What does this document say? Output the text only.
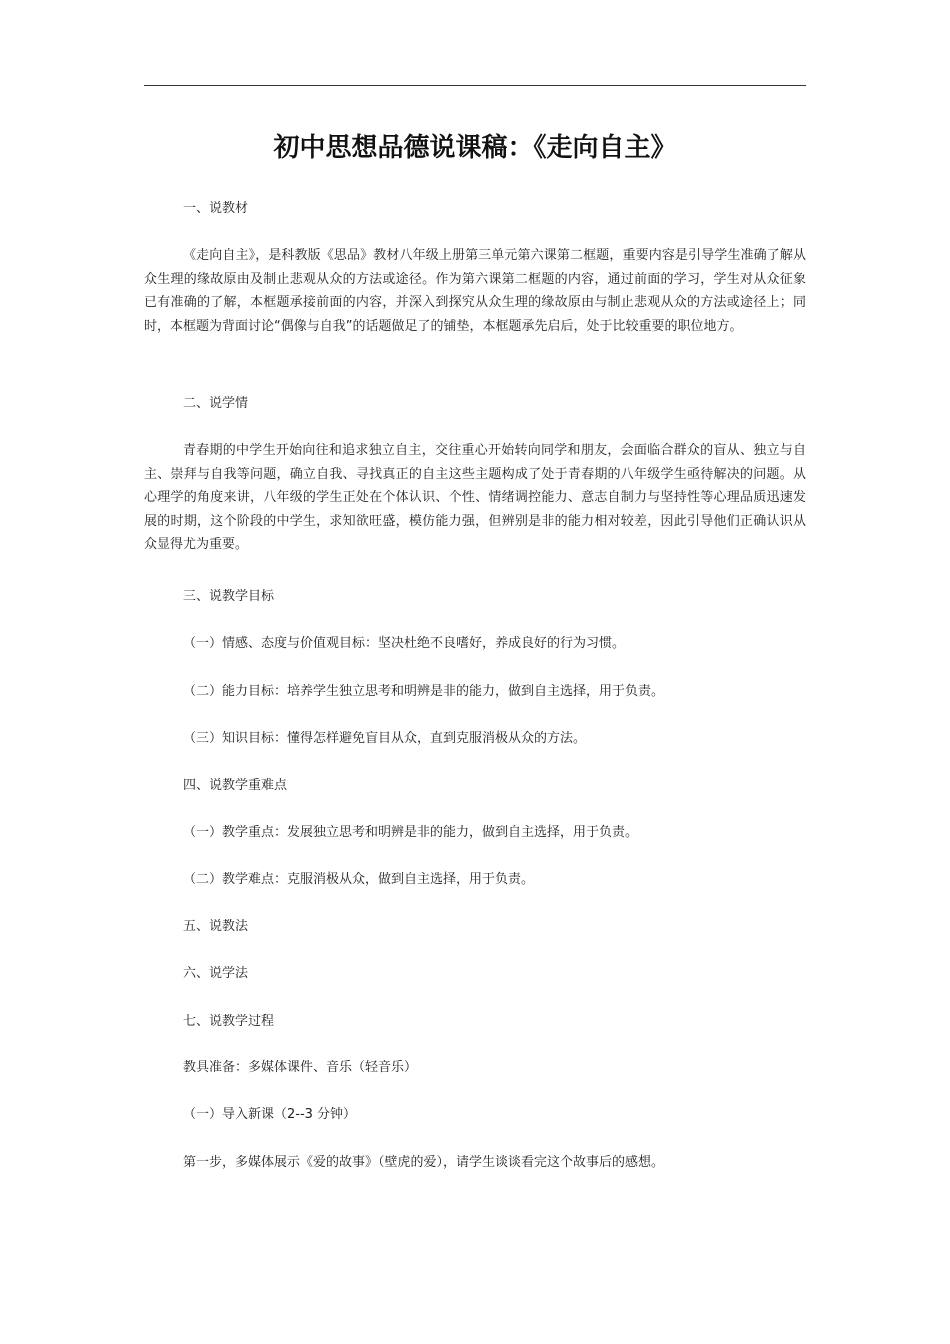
初中思想品德说课稿：《走向自主》
一、说教材
《走向自主》，是科教版《思品》教材八年级上册第三单元第六课第二框题，重要内容是引导学生准确了解从众生理的缘故原由及制止悲观从众的方法或途径。作为第六课第二框题的内容，通过前面的学习，学生对从众征象已有准确的了解，本框题承接前面的内容，并深入到探究从众生理的缘故原由与制止悲观从众的方法或途径上；同时，本框题为背面讨论“偶像与自我”的话题做足了的铺垫，本框题承先启后，处于比较重要的职位地方。
二、说学情
青春期的中学生开始向往和追求独立自主，交往重心开始转向同学和朋友，会面临合群众的盲从、独立与自主、崇拜与自我等问题，确立自我、寻找真正的自主这些主题构成了处于青春期的八年级学生亟待解决的问题。从心理学的角度来讲，八年级的学生正处在个体认识、个性、情绪调控能力、意志自制力与坚持性等心理品质迅速发展的时期，这个阶段的中学生，求知欲旺盛，模仿能力强，但辨别是非的能力相对较差，因此引导他们正确认识从众显得尤为重要。
三、说教学目标
（一）情感、态度与价值观目标：坚决杜绝不良嗜好，养成良好的行为习惯。
（二）能力目标：培养学生独立思考和明辨是非的能力，做到自主选择，用于负责。
（三）知识目标：懂得怎样避免盲目从众，直到克服消极从众的方法。
四、说教学重难点
（一）教学重点：发展独立思考和明辨是非的能力，做到自主选择，用于负责。
（二）教学难点：克服消极从众，做到自主选择，用于负责。
五、说教法
六、说学法
七、说教学过程
教具准备：多媒体课件、音乐（轻音乐）
（一）导入新课（2--3 分钟）
第一步，多媒体展示《爱的故事》（壁虎的爱），请学生谈谈看完这个故事后的感想。
